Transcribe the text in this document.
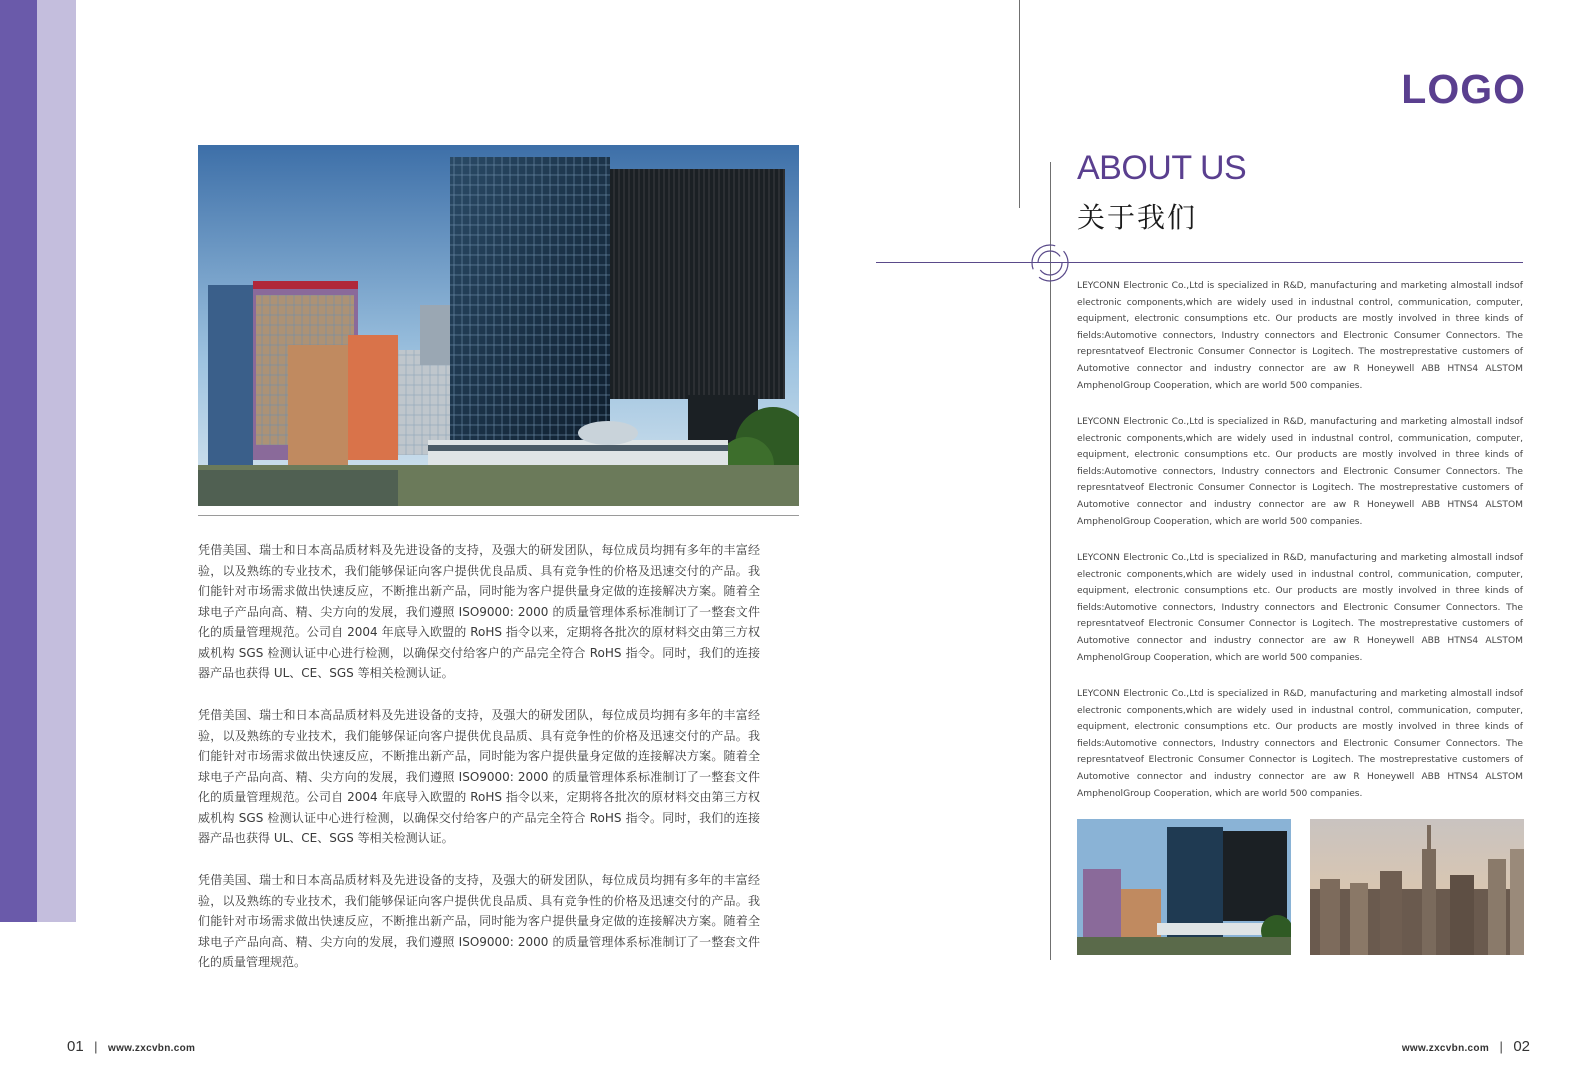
凭借美国、瑞士和日本高品质材料及先进设备的支持，及强大的研发团队，每位成员均拥有多年的丰富经验，以及熟练的专业技术，我们能够保证向客户提供优良品质、具有竞争性的价格及迅速交付的产品。我们能针对市场需求做出快速反应，不断推出新产品，同时能为客户提供量身定做的连接解决方案。随着全球电子产品向高、精、尖方向的发展，我们遵照 ISO9000: 2000 的质量管理体系标准制订了一整套文件化的质量管理规范。公司自 2004 年底导入欧盟的 RoHS 指令以来，定期将各批次的原材料交由第三方权威机构 SGS 检测认证中心进行检测，以确保交付给客户的产品完全符合 RoHS 指令。同时，我们的连接器产品也获得 UL、CE、SGS 等相关检测认证。

凭借美国、瑞士和日本高品质材料及先进设备的支持，及强大的研发团队，每位成员均拥有多年的丰富经验，以及熟练的专业技术，我们能够保证向客户提供优良品质、具有竞争性的价格及迅速交付的产品。我们能针对市场需求做出快速反应，不断推出新产品，同时能为客户提供量身定做的连接解决方案。随着全球电子产品向高、精、尖方向的发展，我们遵照 ISO9000: 2000 的质量管理体系标准制订了一整套文件化的质量管理规范。公司自 2004 年底导入欧盟的 RoHS 指令以来，定期将各批次的原材料交由第三方权威机构 SGS 检测认证中心进行检测，以确保交付给客户的产品完全符合 RoHS 指令。同时，我们的连接器产品也获得 UL、CE、SGS 等相关检测认证。

凭借美国、瑞士和日本高品质材料及先进设备的支持，及强大的研发团队，每位成员均拥有多年的丰富经验，以及熟练的专业技术，我们能够保证向客户提供优良品质、具有竞争性的价格及迅速交付的产品。我们能针对市场需求做出快速反应，不断推出新产品，同时能为客户提供量身定做的连接解决方案。随着全球电子产品向高、精、尖方向的发展，我们遵照 ISO9000: 2000 的质量管理体系标准制订了一整套文件化的质量管理规范。

LOGO
ABOUT US
关于我们

LEYCONN Electronic Co.,Ltd is specialized in R&D, manufacturing and marketing almostall indsof electronic components,which are widely used in industnal control, communication, computer, equipment, electronic consumptions etc. Our products are mostly involved in three kinds of fields:Automotive connectors, Industry connectors and Electronic Consumer Connectors. The represntatveof Electronic Consumer Connector is Logitech. The mostreprestative customers of Automotive connector and industry connector are aw R Honeywell ABB HTNS4 ALSTOM AmphenolGroup Cooperation, which are world 500 companies.

LEYCONN Electronic Co.,Ltd is specialized in R&D, manufacturing and marketing almostall indsof electronic components,which are widely used in industnal control, communication, computer, equipment, electronic consumptions etc. Our products are mostly involved in three kinds of fields:Automotive connectors, Industry connectors and Electronic Consumer Connectors. The represntatveof Electronic Consumer Connector is Logitech. The mostreprestative customers of Automotive connector and industry connector are aw R Honeywell ABB HTNS4 ALSTOM AmphenolGroup Cooperation, which are world 500 companies.

LEYCONN Electronic Co.,Ltd is specialized in R&D, manufacturing and marketing almostall indsof electronic components,which are widely used in industnal control, communication, computer, equipment, electronic consumptions etc. Our products are mostly involved in three kinds of fields:Automotive connectors, Industry connectors and Electronic Consumer Connectors. The represntatveof Electronic Consumer Connector is Logitech. The mostreprestative customers of Automotive connector and industry connector are aw R Honeywell ABB HTNS4 ALSTOM AmphenolGroup Cooperation, which are world 500 companies.

LEYCONN Electronic Co.,Ltd is specialized in R&D, manufacturing and marketing almostall indsof electronic components,which are widely used in industnal control, communication, computer, equipment, electronic consumptions etc. Our products are mostly involved in three kinds of fields:Automotive connectors, Industry connectors and Electronic Consumer Connectors. The represntatveof Electronic Consumer Connector is Logitech. The mostreprestative customers of Automotive connector and industry connector are aw R Honeywell ABB HTNS4 ALSTOM AmphenolGroup Cooperation, which are world 500 companies.

01 | www.zxcvbn.com	www.zxcvbn.com | 02
